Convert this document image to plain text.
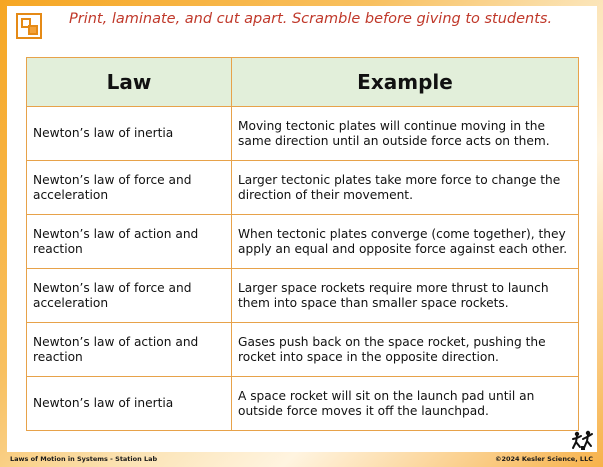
Print, laminate, and cut apart. Scramble before giving to students.
Law	Example
Newton’s law of inertia	Moving tectonic plates will continue moving in the same direction until an outside force acts on them.
Newton’s law of force and acceleration	Larger tectonic plates take more force to change the direction of their movement.
Newton’s law of action and reaction	When tectonic plates converge (come together), they apply an equal and opposite force against each other.
Newton’s law of force and acceleration	Larger space rockets require more thrust to launch them into space than smaller space rockets.
Newton’s law of action and reaction	Gases push back on the space rocket, pushing the rocket into space in the opposite direction.
Newton’s law of inertia	A space rocket will sit on the launch pad until an outside force moves it off the launchpad.
Laws of Motion in Systems - Station Lab	©2024 Kesler Science, LLC
